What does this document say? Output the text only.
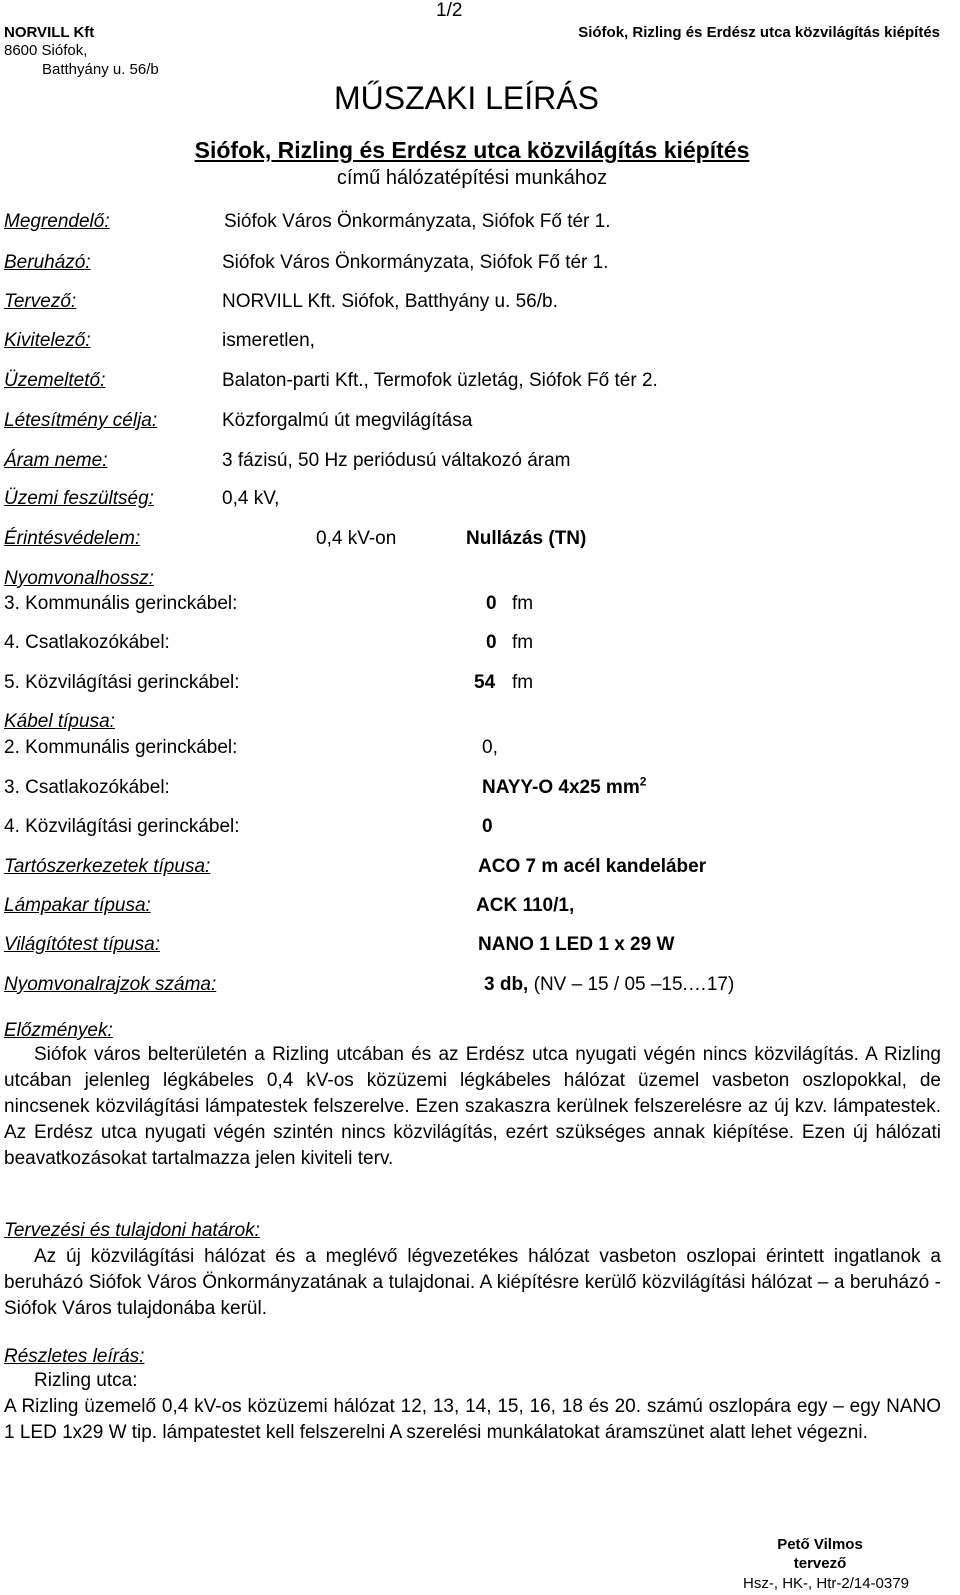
NORVILL Kft
8600 Siófok,
Batthyány u. 56/b
1/2
Siófok, Rizling és Erdész utca közvilágítás kiépítés
MŰSZAKI LEÍRÁS
Siófok, Rizling és Erdész utca közvilágítás kiépítés
című hálózatépítési munkához
Megrendelő:	Siófok Város Önkormányzata, Siófok Fő tér 1.
Beruházó:	Siófok Város Önkormányzata, Siófok Fő tér 1.
Tervező:	NORVILL Kft. Siófok, Batthyány u. 56/b.
Kivitelező:	ismeretlen,
Üzemeltető:	Balaton-parti Kft., Termofok üzletág, Siófok Fő tér 2.
Létesítmény célja:	Közforgalmú út megvilágítása
Áram neme:	3 fázisú, 50 Hz periódusú váltakozó áram
Üzemi feszültség:	0,4 kV,
Érintésvédelem:	0,4 kV-on	Nullázás (TN)
Nyomvonalhossz:
3. Kommunális gerinckábel:	0 fm
4. Csatlakozókábel:	0 fm
5. Közvilágítási gerinckábel:	54 fm
Kábel típusa:
2. Kommunális gerinckábel:	0,
3. Csatlakozókábel:	NAYY-O 4x25 $mm^2$
4. Közvilágítási gerinckábel:	0
Tartószerkezetek típusa:	ACO 7 m acél kandeláber
Lámpakar típusa:	ACK 110/1,
Világítótest típusa:	NANO 1 LED 1 x 29 W
Nyomvonalrajzok száma:	3 db, (NV – 15 / 05 –15.…17)
Előzmények:
Siófok város belterületén a Rizling utcában és az Erdész utca nyugati végén nincs közvilágítás. A Rizling utcában jelenleg légkábeles 0,4 kV-os közüzemi légkábeles hálózat üzemel vasbeton oszlopokkal, de nincsenek közvilágítási lámpatestek felszerelve. Ezen szakaszra kerülnek felszerelésre az új kzv. lámpatestek. Az Erdész utca nyugati végén szintén nincs közvilágítás, ezért szükséges annak kiépítése. Ezen új hálózati beavatkozásokat tartalmazza jelen kiviteli terv.
Tervezési és tulajdoni határok:
Az új közvilágítási hálózat és a meglévő légvezetékes hálózat vasbeton oszlopai érintett ingatlanok a beruházó Siófok Város Önkormányzatának a tulajdonai. A kiépítésre kerülő közvilágítási hálózat – a beruházó -Siófok Város tulajdonába kerül.
Részletes leírás:
Rizling utca:
A Rizling üzemelő 0,4 kV-os közüzemi hálózat 12, 13, 14, 15, 16, 18 és 20. számú oszlopára egy – egy NANO 1 LED 1x29 W tip. lámpatestet kell felszerelni A szerelési munkálatokat áramszünet alatt lehet végezni.
Pető Vilmos
tervező
Hsz-, HK-, Htr-2/14-0379
